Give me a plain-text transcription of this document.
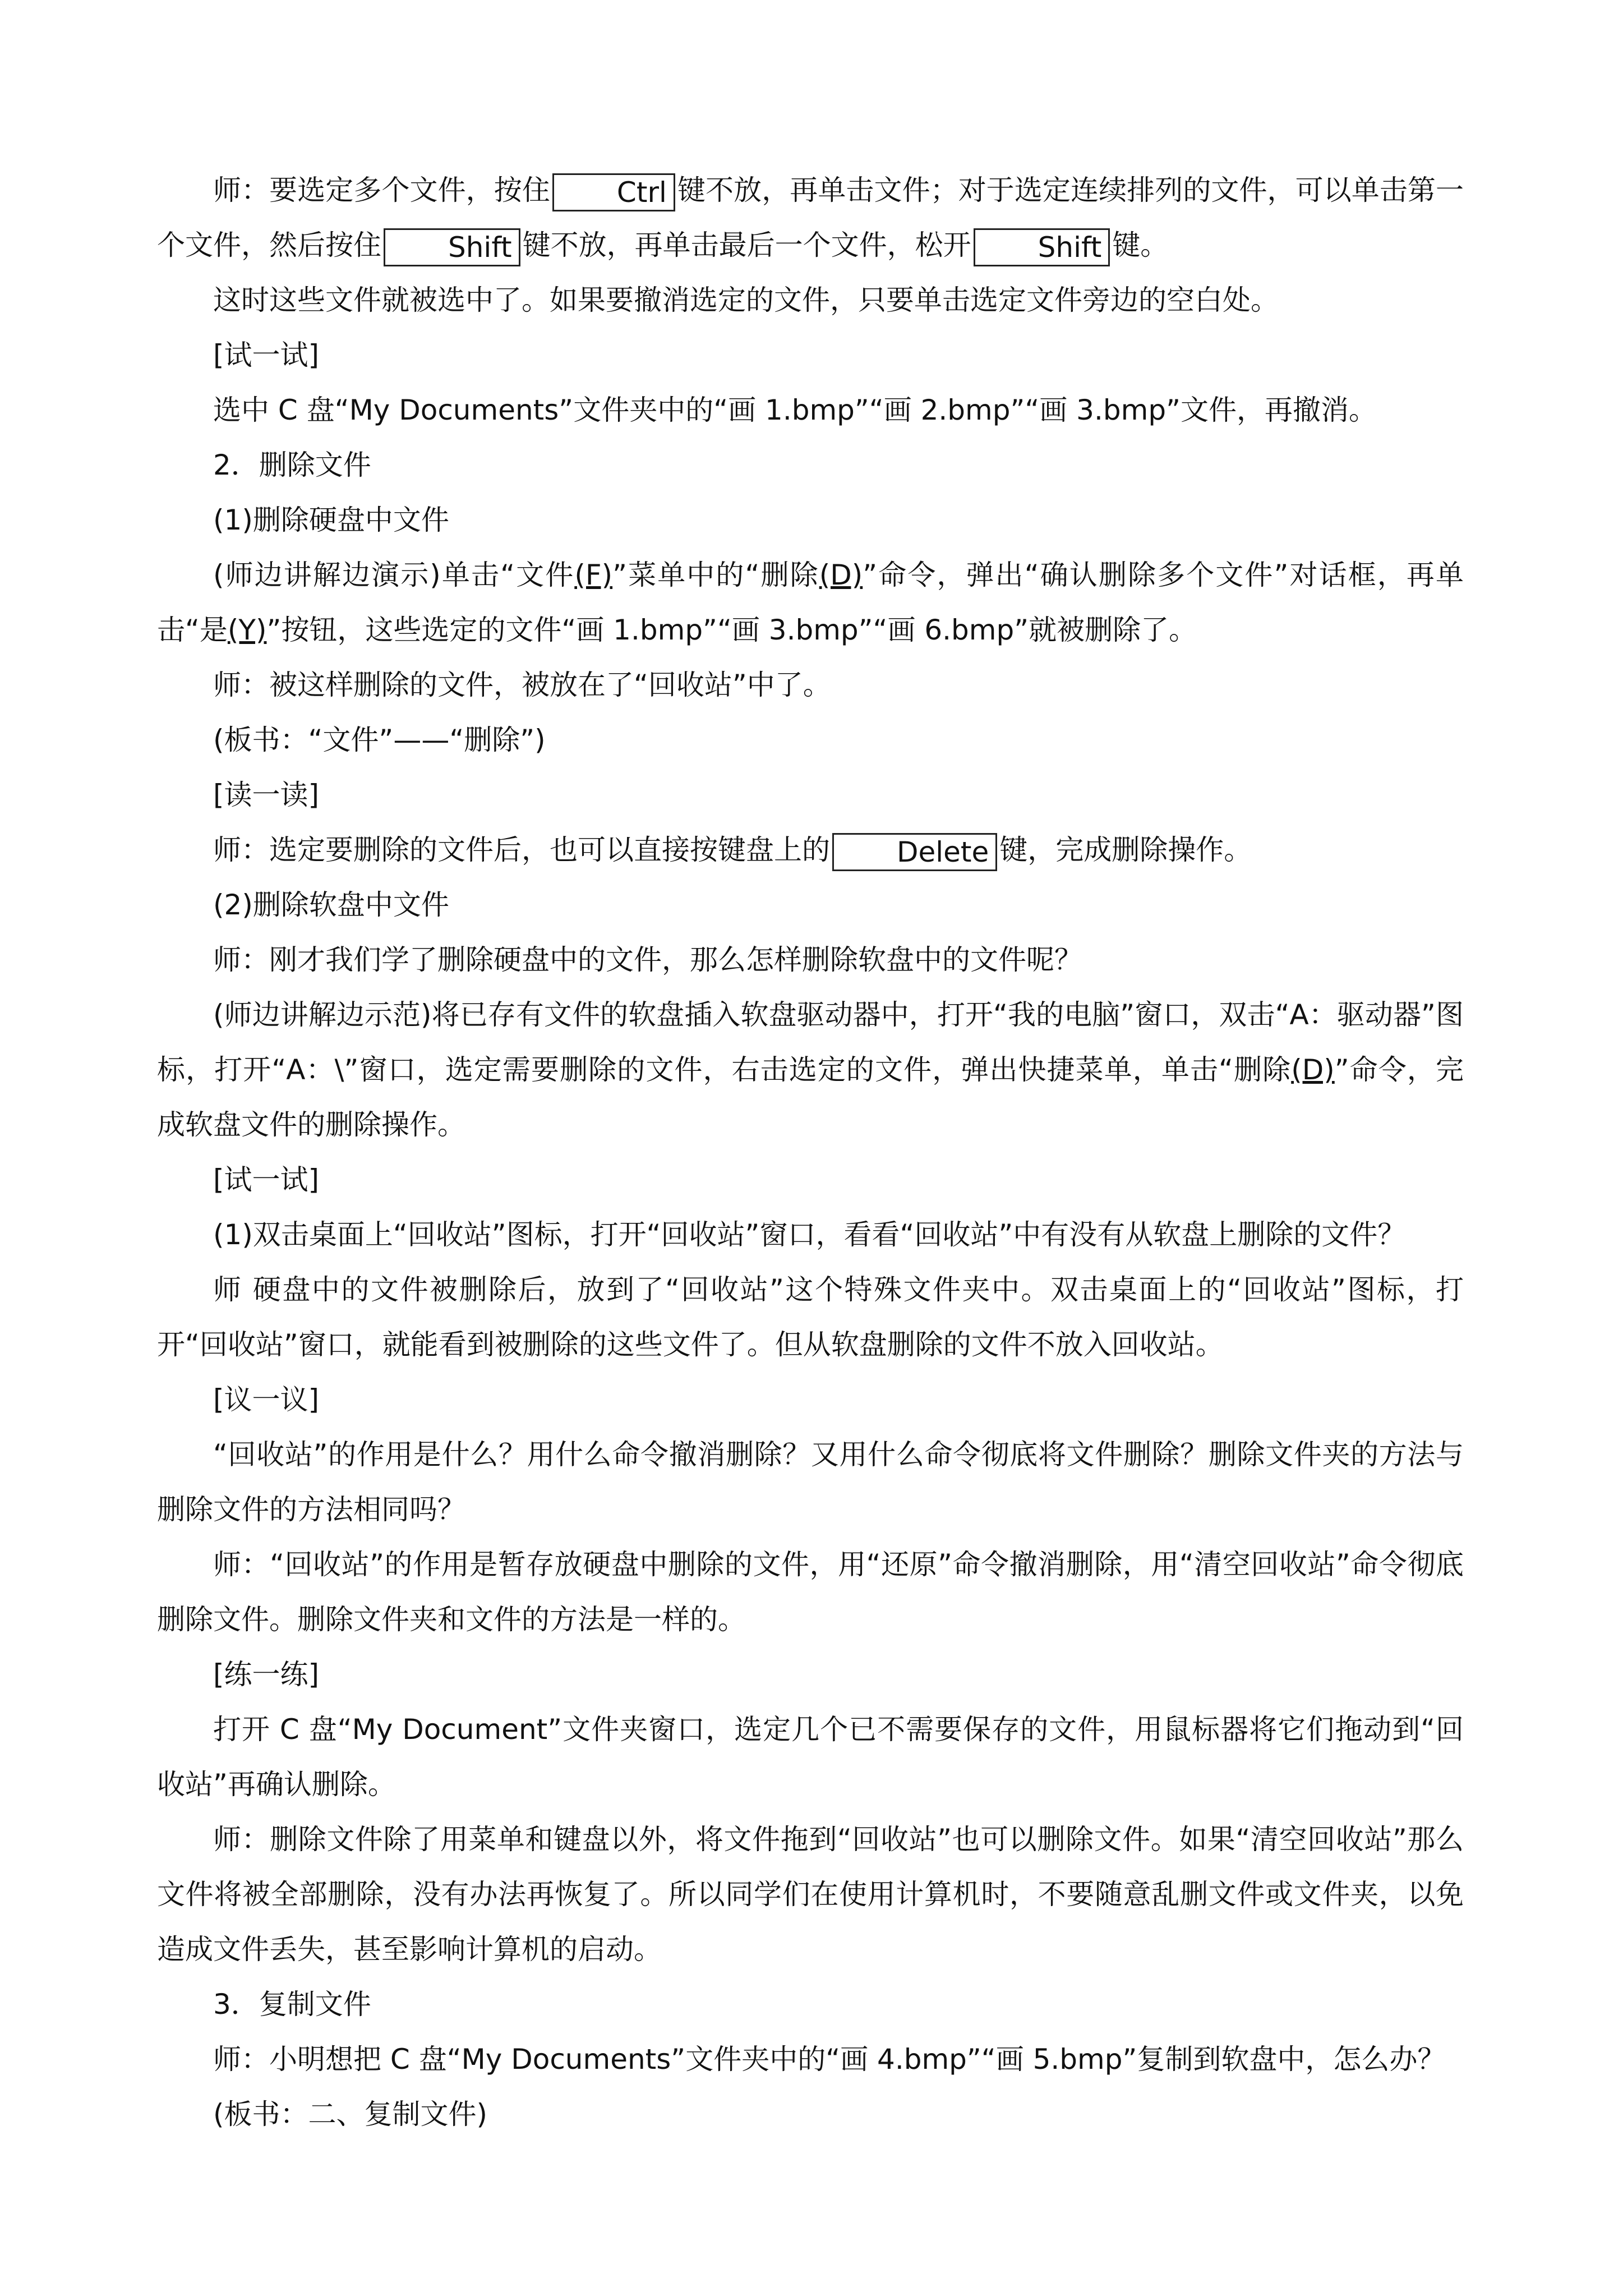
师：要选定多个文件，按住 Ctrl 键不放，再单击文件；对于选定连续排列的文件，可以单击第一个文件，然后按住 Shift 键不放，再单击最后一个文件，松开 Shift 键。

这时这些文件就被选中了。如果要撤消选定的文件，只要单击选定文件旁边的空白处。

[试一试]

选中 C 盘“My Documents”文件夹中的“画 1.bmp”“画 2.bmp”“画 3.bmp”文件，再撤消。

2．删除文件

(1)删除硬盘中文件

(师边讲解边演示)单击“文件(F)”菜单中的“删除(D)”命令，弹出“确认删除多个文件”对话框，再单击“是(Y)”按钮，这些选定的文件“画 1.bmp”“画 3.bmp”“画 6.bmp”就被删除了。

师：被这样删除的文件，被放在了“回收站”中了。

(板书：“文件”——“删除”)

[读一读]

师：选定要删除的文件后，也可以直接按键盘上的 Delete 键，完成删除操作。

(2)删除软盘中文件

师：刚才我们学了删除硬盘中的文件，那么怎样删除软盘中的文件呢？

(师边讲解边示范)将已存有文件的软盘插入软盘驱动器中，打开“我的电脑”窗口，双击“A：驱动器”图标，打开“A：\”窗口，选定需要删除的文件，右击选定的文件，弹出快捷菜单，单击“删除(D)”命令，完成软盘文件的删除操作。

[试一试]

(1)双击桌面上“回收站”图标，打开“回收站”窗口，看看“回收站”中有没有从软盘上删除的文件？

师 硬盘中的文件被删除后，放到了“回收站”这个特殊文件夹中。双击桌面上的“回收站”图标，打开“回收站”窗口，就能看到被删除的这些文件了。但从软盘删除的文件不放入回收站。

[议一议]

“回收站”的作用是什么？用什么命令撤消删除？又用什么命令彻底将文件删除？删除文件夹的方法与删除文件的方法相同吗？

师：“回收站”的作用是暂存放硬盘中删除的文件，用“还原”命令撤消删除，用“清空回收站”命令彻底删除文件。删除文件夹和文件的方法是一样的。

[练一练]

打开 C 盘“My Document”文件夹窗口，选定几个已不需要保存的文件，用鼠标器将它们拖动到“回收站”再确认删除。

师：删除文件除了用菜单和键盘以外，将文件拖到“回收站”也可以删除文件。如果“清空回收站”那么文件将被全部删除，没有办法再恢复了。所以同学们在使用计算机时，不要随意乱删文件或文件夹，以免造成文件丢失，甚至影响计算机的启动。

3．复制文件

师：小明想把 C 盘“My Documents”文件夹中的“画 4.bmp”“画 5.bmp”复制到软盘中，怎么办？

(板书：二、复制文件)
